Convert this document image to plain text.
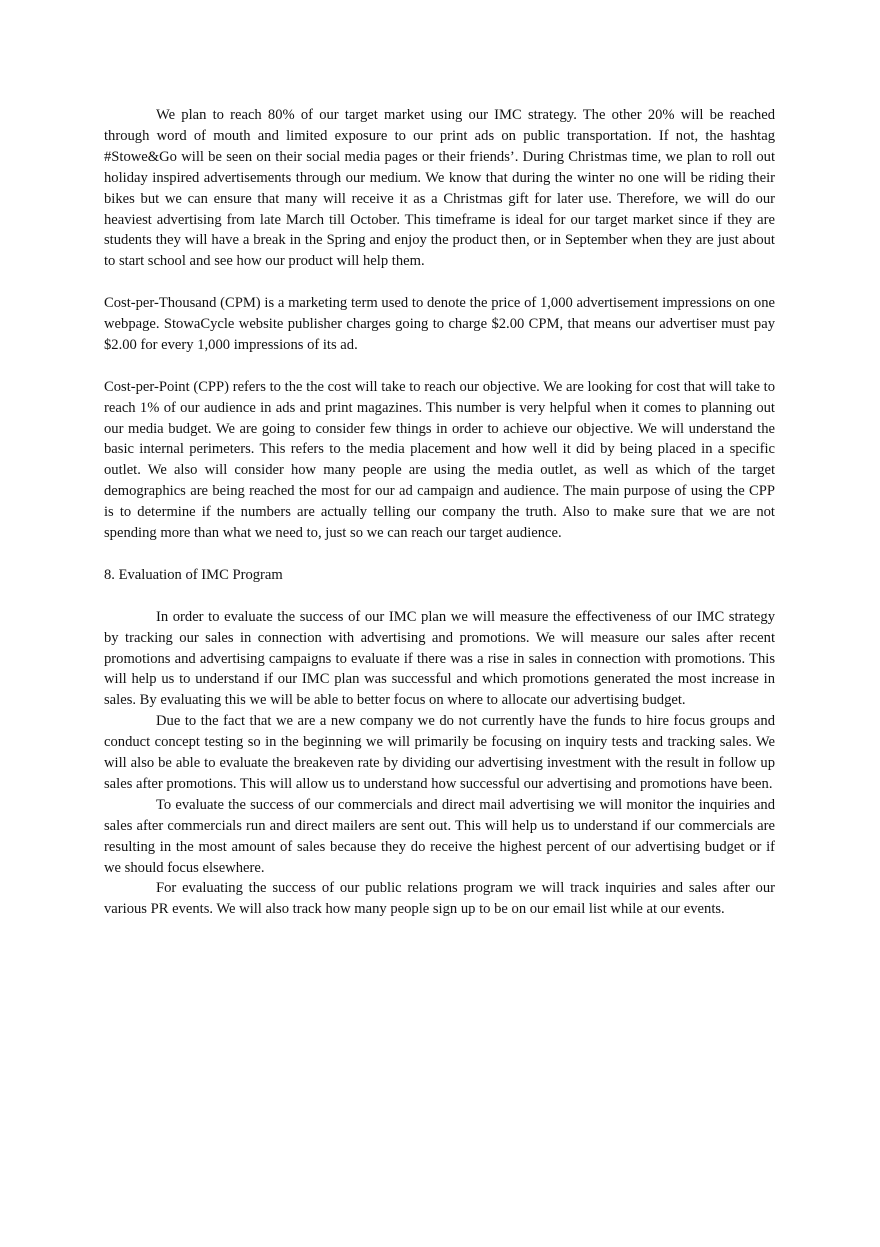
We plan to reach 80% of our target market using our IMC strategy. The other 20% will be reached through word of mouth and limited exposure to our print ads on public transportation. If not, the hashtag #Stowe&Go will be seen on their social media pages or their friends’. During Christmas time, we plan to roll out holiday inspired advertisements through our medium. We know that during the winter no one will be riding their bikes but we can ensure that many will receive it as a Christmas gift for later use. Therefore, we will do our heaviest advertising from late March till October. This timeframe is ideal for our target market since if they are students they will have a break in the Spring and enjoy the product then, or in September when they are just about to start school and see how our product will help them.

Cost-per-Thousand (CPM) is a marketing term used to denote the price of 1,000 advertisement impressions on one webpage. StowaCycle website publisher charges going to charge $2.00 CPM, that means our advertiser must pay $2.00 for every 1,000 impressions of its ad.

Cost-per-Point (CPP) refers to the the cost will take to reach our objective. We are looking for cost that will take to reach 1% of our audience in ads and print magazines. This number is very helpful when it comes to planning out our media budget. We are going to consider few things in order to achieve our objective. We will understand the basic internal perimeters. This refers to the media placement and how well it did by being placed in a specific outlet. We also will consider how many people are using the media outlet, as well as which of the target demographics are being reached the most for our ad campaign and audience. The main purpose of using the CPP is to determine if the numbers are actually telling our company the truth. Also to make sure that we are not spending more than what we need to, just so we can reach our target audience.

8. Evaluation of IMC Program

In order to evaluate the success of our IMC plan we will measure the effectiveness of our IMC strategy by tracking our sales in connection with advertising and promotions. We will measure our sales after recent promotions and advertising campaigns to evaluate if there was a rise in sales in connection with promotions. This will help us to understand if our IMC plan was successful and which promotions generated the most increase in sales. By evaluating this we will be able to better focus on where to allocate our advertising budget.

Due to the fact that we are a new company we do not currently have the funds to hire focus groups and conduct concept testing so in the beginning we will primarily be focusing on inquiry tests and tracking sales. We will also be able to evaluate the breakeven rate by dividing our advertising investment with the result in follow up sales after promotions. This will allow us to understand how successful our advertising and promotions have been.

To evaluate the success of our commercials and direct mail advertising we will monitor the inquiries and sales after commercials run and direct mailers are sent out. This will help us to understand if our commercials are resulting in the most amount of sales because they do receive the highest percent of our advertising budget or if we should focus elsewhere.

For evaluating the success of our public relations program we will track inquiries and sales after our various PR events. We will also track how many people sign up to be on our email list while at our events.
